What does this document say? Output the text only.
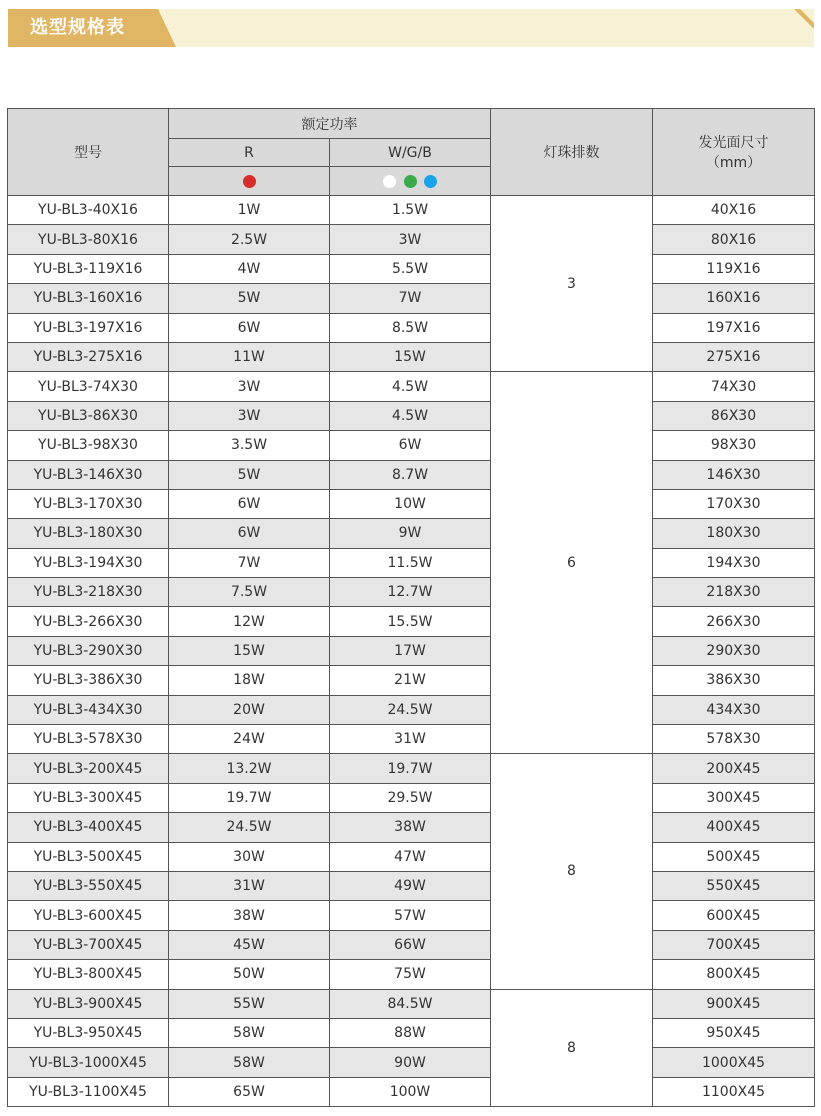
选型规格表
型号	额定功率		灯珠排数	发光面尺寸
（mm）

	R	W/G/B		

YU-BL3-40X16	1W	1.5W	3	40X16
YU-BL3-80X16	2.5W	3W		80X16
YU-BL3-119X16	4W	5.5W		119X16
YU-BL3-160X16	5W	7W		160X16
YU-BL3-197X16	6W	8.5W		197X16
YU-BL3-275X16	11W	15W		275X16
YU-BL3-74X30	3W	4.5W	6	74X30
YU-BL3-86X30	3W	4.5W		86X30
YU-BL3-98X30	3.5W	6W		98X30
YU-BL3-146X30	5W	8.7W		146X30
YU-BL3-170X30	6W	10W		170X30
YU-BL3-180X30	6W	9W		180X30
YU-BL3-194X30	7W	11.5W		194X30
YU-BL3-218X30	7.5W	12.7W		218X30
YU-BL3-266X30	12W	15.5W		266X30
YU-BL3-290X30	15W	17W		290X30
YU-BL3-386X30	18W	21W		386X30
YU-BL3-434X30	20W	24.5W		434X30
YU-BL3-578X30	24W	31W		578X30
YU-BL3-200X45	13.2W	19.7W	8	200X45
YU-BL3-300X45	19.7W	29.5W		300X45
YU-BL3-400X45	24.5W	38W		400X45
YU-BL3-500X45	30W	47W		500X45
YU-BL3-550X45	31W	49W		550X45
YU-BL3-600X45	38W	57W		600X45
YU-BL3-700X45	45W	66W		700X45
YU-BL3-800X45	50W	75W		800X45
YU-BL3-900X45	55W	84.5W	8	900X45
YU-BL3-950X45	58W	88W		950X45
YU-BL3-1000X45	58W	90W		1000X45
YU-BL3-1100X45	65W	100W		1100X45
